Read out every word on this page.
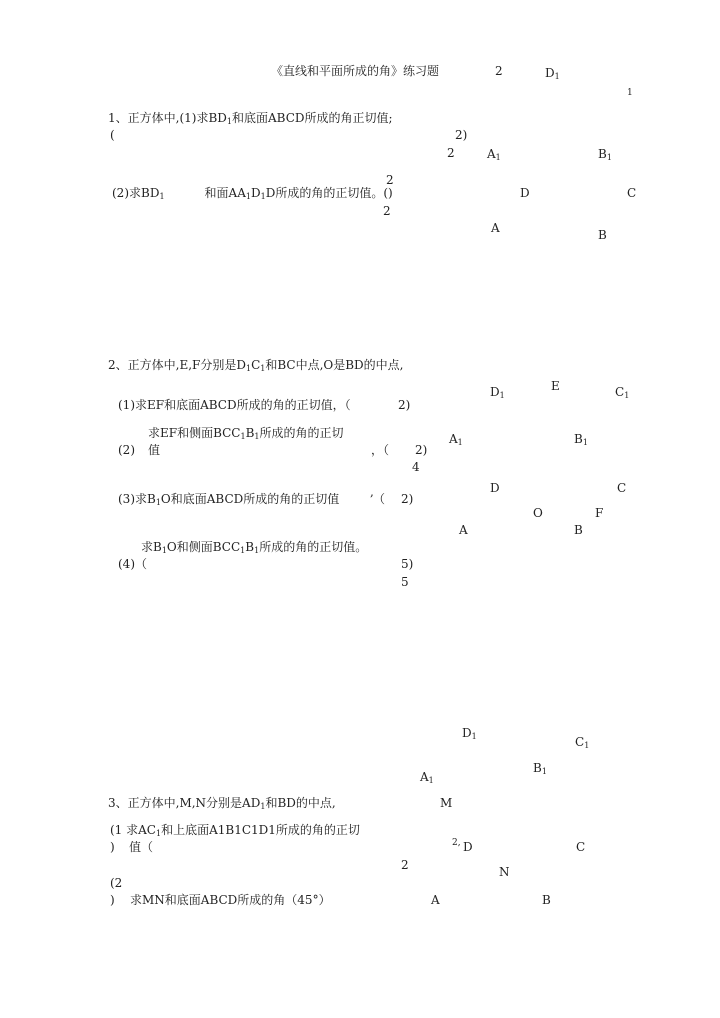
《直线和平面所成的角》练习题	2	$D_1$
1
1、正方体中,(1)求$BD_1$和底面ABCD所成的角正切值;
(	2)
2
(2)求$BD_1$	和面$AA_1D_1D$所成的角的正切值。()
2
2
$A_1$	$B_1$
D	C
A	B
2、正方体中,E,F分别是$D_1C_1$和BC中点,O是BD的中点,
(1)求EF和底面ABCD所成的角的正切值，（	2)
求EF和侧面$BCC_1B_1$所成的角的正切
(2) 值	，（ 2)
4
(3)求$B_1O$和底面ABCD所成的角的正切值	, （ 2)
求$B_1O$和侧面$BCC_1B_1$所成的角的正切值。
(4)（	5)
5
$D_1$
E	$C_1$
$A_1$	$B_1$
D	C
O	F
A	B
$D_1$	$C_1$
$B_1$
$A_1$
M
3、正方体中,M,N分别是$AD_1$和BD的中点,
(1 求$AC_1$和上底面A1B1C1D1所成的角的正切
) 值（	2, D	C
2	N
(2
) 求MN和底面ABCD所成的角（45°）	A	B
